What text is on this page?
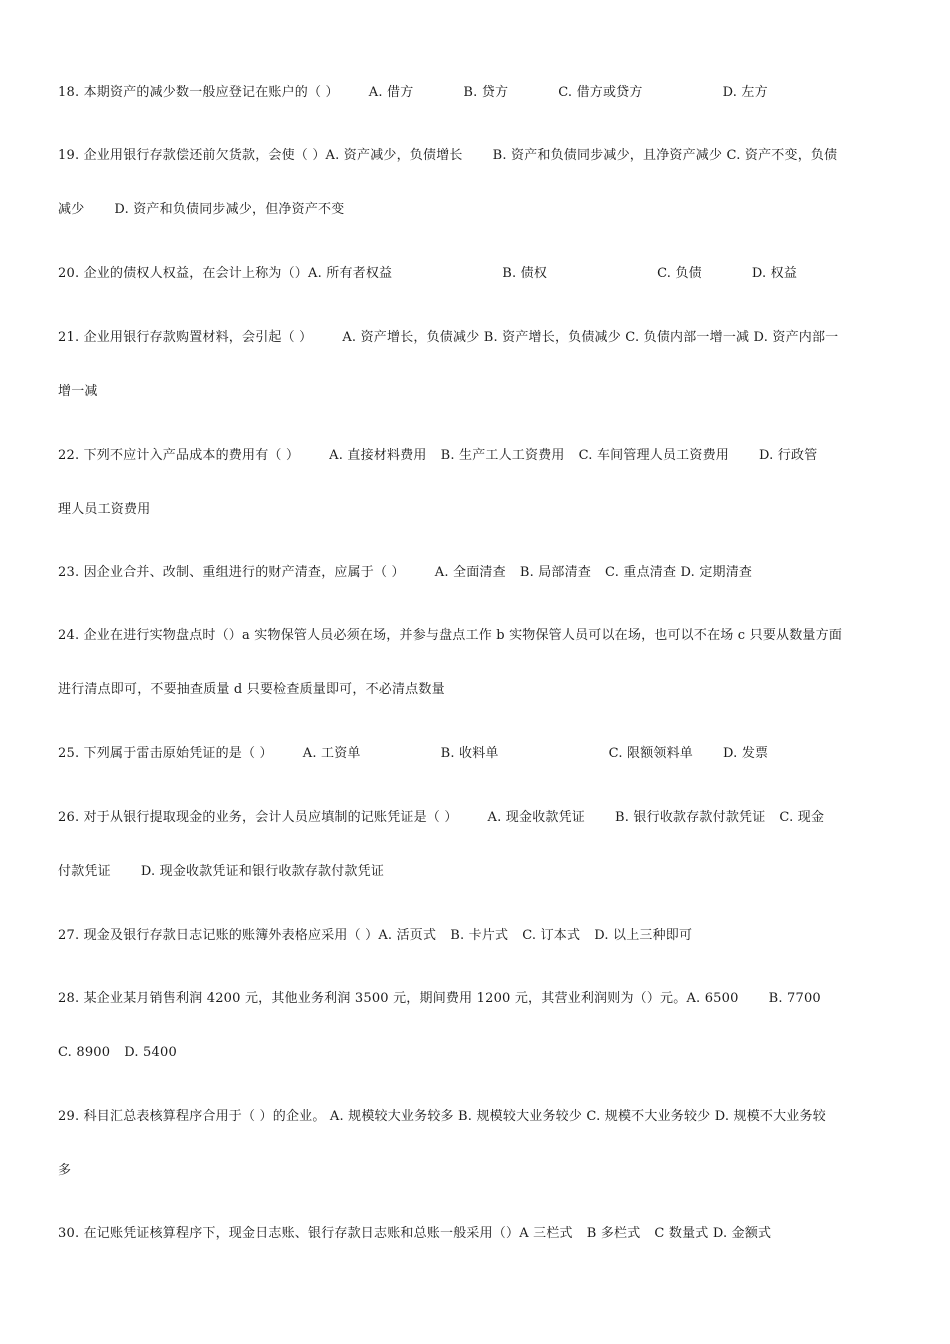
18. 本期资产的减少数一般应登记在账户的（ ） A. 借方	B. 贷方	C. 借方或贷方	D. 左方
19. 企业用银行存款偿还前欠货款，会使（ ）A. 资产减少，负债增长 B. 资产和负债同步减少，且净资产减少 C. 资产不变，负债
减少 D. 资产和负债同步减少，但净资产不变
20. 企业的债权人权益，在会计上称为（）A. 所有者权益	B. 债权	C. 负债	D. 权益
21. 企业用银行存款购置材料，会引起（ ） A. 资产增长，负债减少 B. 资产增长，负债减少 C. 负债内部一增一减 D. 资产内部一
增一减
22. 下列不应计入产品成本的费用有（ ） A. 直接材料费用 B. 生产工人工资费用 C. 车间管理人员工资费用 D. 行政管
理人员工资费用
23. 因企业合并、改制、重组进行的财产清查，应属于（ ） A. 全面清查 B. 局部清查 C. 重点清查 D. 定期清查
24. 企业在进行实物盘点时（）a 实物保管人员必须在场，并参与盘点工作 b 实物保管人员可以在场，也可以不在场 c 只要从数量方面
进行清点即可，不要抽查质量 d 只要检查质量即可，不必清点数量
25. 下列属于雷击原始凭证的是（ ） A. 工资单	B. 收料单	C. 限额领料单 D. 发票
26. 对于从银行提取现金的业务，会计人员应填制的记账凭证是（ ） A. 现金收款凭证 B. 银行收款存款付款凭证 C. 现金
付款凭证 D. 现金收款凭证和银行收款存款付款凭证
27. 现金及银行存款日志记账的账簿外表格应采用（ ）A. 活页式 B. 卡片式 C. 订本式 D. 以上三种即可
28. 某企业某月销售利润 4200 元，其他业务利润 3500 元，期间费用 1200 元，其营业利润则为（）元。A. 6500 B. 7700
C. 8900 D. 5400
29. 科目汇总表核算程序合用于（ ）的企业。 A. 规模较大业务较多 B. 规模较大业务较少 C. 规模不大业务较少 D. 规模不大业务较
多
30. 在记账凭证核算程序下，现金日志账、银行存款日志账和总账一般采用（）A 三栏式 B 多栏式 C 数量式 D. 金额式
